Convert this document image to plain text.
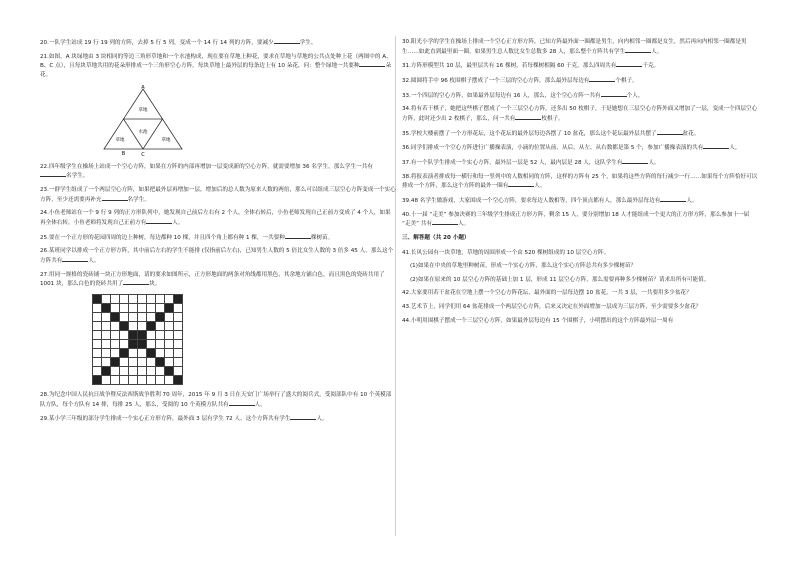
20.一队学生站成 19 行 19 列的方阵，去掉 5 行 5 列，变成一个 14 行 14 列的方阵，要减少	学生。
21.如图，A 块绿地由 3 块相同的等边三角形草地和一个水池构成，现在要在草地上种花，要求在草地与草地的公共点处种上花（两图中的 A、B、C 点），且每块草地共用的花朵形排成一个三角形空心方阵，每块草地上最外层的每条边上有 10 朵花，问：整个绿地一共要种	朵花。
A
B	C
草地
水池
草地	草地
22.四年级学生在操场上站成一个空心方阵，如果在方阵的内部再增加一层变成新的空心方阵，就需要增加 36 名学生，那么学生一共有名学生。
23.一群学生组成了一个两层空心方阵，如果把最外层再增加一层，增加后的总人数为原来人数的两倍，那么可以组成三层空心方阵变成一个实心方阵，至少还需要再补充	名学生。
24.小鱼老师站在一个 9 行 9 列的正方形队列中，她发现自己前后左右有 2 个人，全体右转后，小鱼老师发现自己正前方变成了 4 个人，如果再全体右转，小鱼老师将发现自己正前方有	人。
25.要在一个正方形的花园四周的边上种树，每边都种 10 棵，并且四个角上都有种 1 棵，一共要种	棵树苗。
26.某班同学以排成一个正方形方阵，其中前后左右的学生不能排 (仅指前后左右)，已知男生人数的 5 倍比女生人数的 3 倍多 45 人，那么这个方阵共有	人。
27.用同一规格的瓷砖铺一块正方形地面，请的要求如图所示，正方形地面的两条对角线都用黑色，其余地方铺白色，而且黑色的瓷砖共用了 1001 块，那么白色的瓷砖共用了	块。
28.为纪念中国人民抗日战争暨反法西斯战争胜利 70 周年，2015 年 9 月 3 日在天安门广场举行了盛大的阅兵式，受阅部队中有 10 个英模部队方队，每个方队有 14 排，每排 25 人，那么，受阅的 10 个英模方队共有	人。
29.某小学三年级的部分学生排成一个实心正方形方阵，最外面 3 层有学生 72 人，这个方阵共有学生	人。
30.阳光小学的学生在操场上排成一个空心正方形方阵，已知方阵最外面一圈都是男生，向内相邻一圈都是女生，然后再向内相邻一圈都是男生……如此直到最里面一圈，如果男生总人数比女生总数多 28 人，那么整个方阵共有学生	人。
31.方阵形模型共 10 层，最里层共有 16 棵树，若每棵树相隔 60 千克，那么四周共有	千克。
32.圆圆将手中 96 枚围棋子摆成了一个三层的空心方阵，那么最外层每边有	个棋子。
33.一个四层的空心方阵，如果最外层每边有 16 人，那么，这个空心方阵一共有	个人。
34.将有若干棋子，她把这些棋子摆成了一个三层空心方阵，还多出 50 枚棋子，于是她想在三层空心方阵外面又增加了一层，变成一个四层空心方阵，此时还少出 2 枚棋子，那么，问一共有	枚棋子。
35.学校大楼前摆了一个方形花坛，这个花坛的最外层每边各摆了 10 盆花，那么这个花坛最外层共摆了	盆花。
36.同学们排成一个空心方阵进行广播操表演，小滴的位置从前、从后、从左、从右数都是第 5 个，参加广播操表演的共有	人。
37.有一个队学生排成一个实心方阵，最外层一层是 52 人，最内层是 28 人，这队学生有	人。
38.将报表演者排成每一横行和每一竖列中的人数相同的方阵，这样的方阵有 25 个，如果将这些方阵的每行减少一行……如果每个方阵恰好可以排成一个方阵，那么这个方阵的最外一圈有	人。
39.48 名学生做游戏，大家围成一个空心方阵，要求每边人数相等，四个顶点都有人，那么最外层每边有	人。
40.十一届 “走美” 参加决赛的三年级学生排成正方形方阵，剩余 15 人，要分别增加 18 人才能组成一个更大的正方形方阵，那么参加十一届 “走美” 共有	人。
三、解答题（共 20 小题）
41.长风公园有一块草地，草地的周围形成一个由 520 棵树组成的 10 层空心方阵。
(1)如果在中央的草地里种树苗，形成一个实心方阵，那么这个实心方阵总共有多少棵树苗？
(2)如果在原来的 10 层空心方阵的基础上加 1 层，形成 11 层空心方阵，那么需要再种多少棵树苗？请求出所有可能值。
42.大家要用若干盆花在空地上摆一个空心方阵花坛，最外面的一层每边摆 10 盆花，一共 3 层，一共要用多少盆花？
43.艺术节上，同学们用 64 盆花排成一个两层空心方阵，后来又决定在外面增加一层成为三层方阵，至少需要多少盆花？
44.小明用围棋子摆成一个三层空心方阵，如果最外层每边有 15 个围棋子，小明摆出的这个方阵最外层一周有
